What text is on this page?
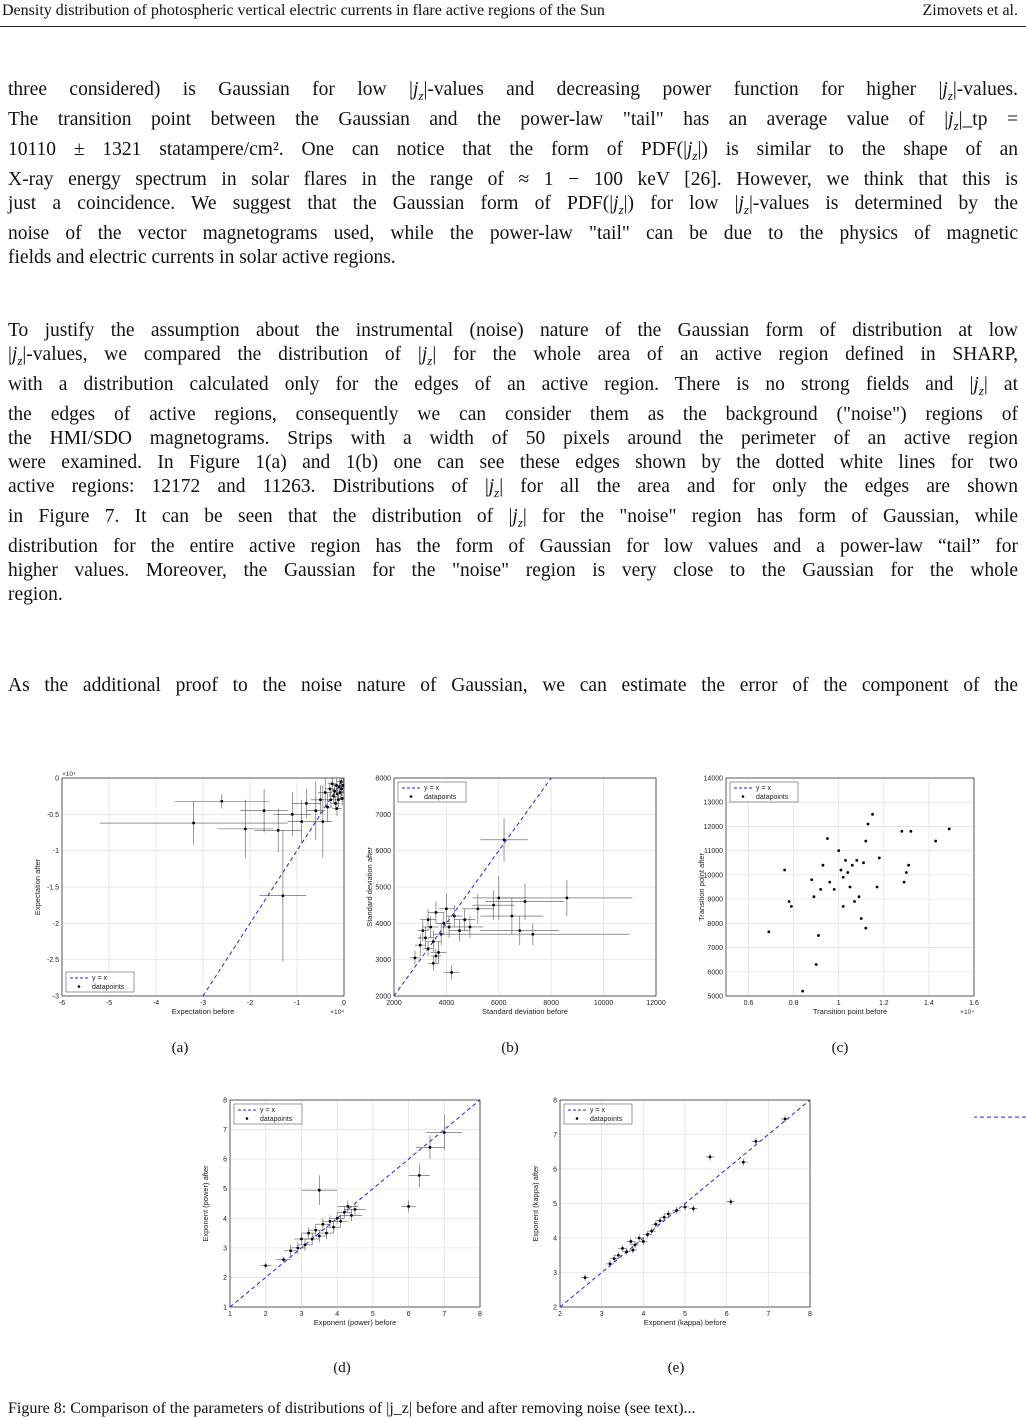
Density distribution of photospheric vertical electric currents in flare active regions of the Sun	Zimovets et al.
three considered) is Gaussian for low $|j_z|$-values and decreasing power function for higher $|j_z|$-values.
The transition point between the Gaussian and the power-law "tail" has an average value of $|j_z|\_tp$ =
10110 ± 1321 statampere/cm². One can notice that the form of $PDF(|j_z|)$ is similar to the shape of an
X-ray energy spectrum in solar flares in the range of ≈ 1 − 100 keV [26]. However, we think that this is
just a coincidence. We suggest that the Gaussian form of $PDF(|j_z|)$ for low $|j_z|$-values is determined by the
noise of the vector magnetograms used, while the power-law "tail" can be due to the physics of magnetic
fields and electric currents in solar active regions.
To justify the assumption about the instrumental (noise) nature of the Gaussian form of distribution at low
$|j_z|$-values, we compared the distribution of $|j_z|$ for the whole area of an active region defined in SHARP,
with a distribution calculated only for the edges of an active region. There is no strong fields and $|j_z|$ at
the edges of active regions, consequently we can consider them as the background ("noise") regions of
the HMI/SDO magnetograms. Strips with a width of 50 pixels around the perimeter of an active region
were examined. In Figure 1(a) and 1(b) one can see these edges shown by the dotted white lines for two
active regions: 12172 and 11263. Distributions of $|j_z|$ for all the area and for only the edges are shown
in Figure 7. It can be seen that the distribution of $|j_z|$ for the "noise" region has form of Gaussian, while
distribution for the entire active region has the form of Gaussian for low values and a power-law “tail” for
higher values. Moreover, the Gaussian for the "noise" region is very close to the Gaussian for the whole
region.
As the additional proof to the noise nature of Gaussian, we can estimate the error of the component of the
-6	-5	-4	-3	-2	-1	0
-3
-2.5
-2
-1.5
-1
-0.5
0
Expectation before
Expectation after
×10⁴
×10⁴
y = x
datapoints
2000	4000	6000	8000	10000	12000
2000
3000
4000
5000
6000
7000
8000
Standard deviation before
Standard deviation after
y = x
datapoints
0.6	0.8	1	1.2	1.4	1.6
5000
6000
7000
8000
9000
10000
11000
12000
13000
14000
Transition point before
Transition point after
×10⁴
y = x
datapoints
1	2	3	4	5	6	7	8
1
2
3
4
5
6
7
8
Exponent (power) before
Exponent (power) after
y = x
datapoints
2	3	4	5	6	7	8
2
3
4
5
6
7
8
Exponent (kappa) before
Exponent (kappa) after
y = x
datapoints
(a)	(b)	(c)
(d)	(e)
Figure 8: Comparison of the parameters of distributions of |j_z| before and after removing noise (see text)...
